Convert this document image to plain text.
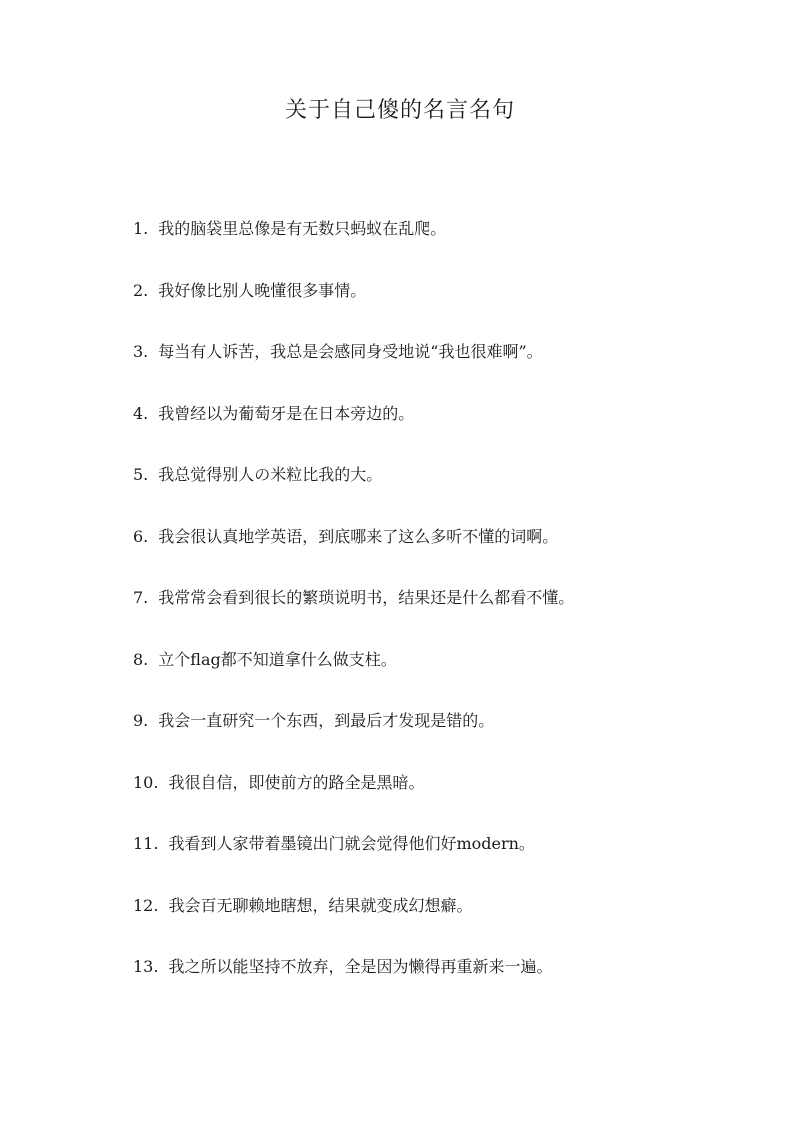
关于自己傻的名言名句
1. 我的脑袋里总像是有无数只蚂蚁在乱爬。
2. 我好像比别人晚懂很多事情。
3. 每当有人诉苦，我总是会感同身受地说“我也很难啊”。
4. 我曾经以为葡萄牙是在日本旁边的。
5. 我总觉得别人の米粒比我的大。
6. 我会很认真地学英语，到底哪来了这么多听不懂的词啊。
7. 我常常会看到很长的繁琐说明书，结果还是什么都看不懂。
8. 立个flag都不知道拿什么做支柱。
9. 我会一直研究一个东西，到最后才发现是错的。
10. 我很自信，即使前方的路全是黑暗。
11. 我看到人家带着墨镜出门就会觉得他们好modern。
12. 我会百无聊赖地瞎想，结果就变成幻想癖。
13. 我之所以能坚持不放弃，全是因为懒得再重新来一遍。
